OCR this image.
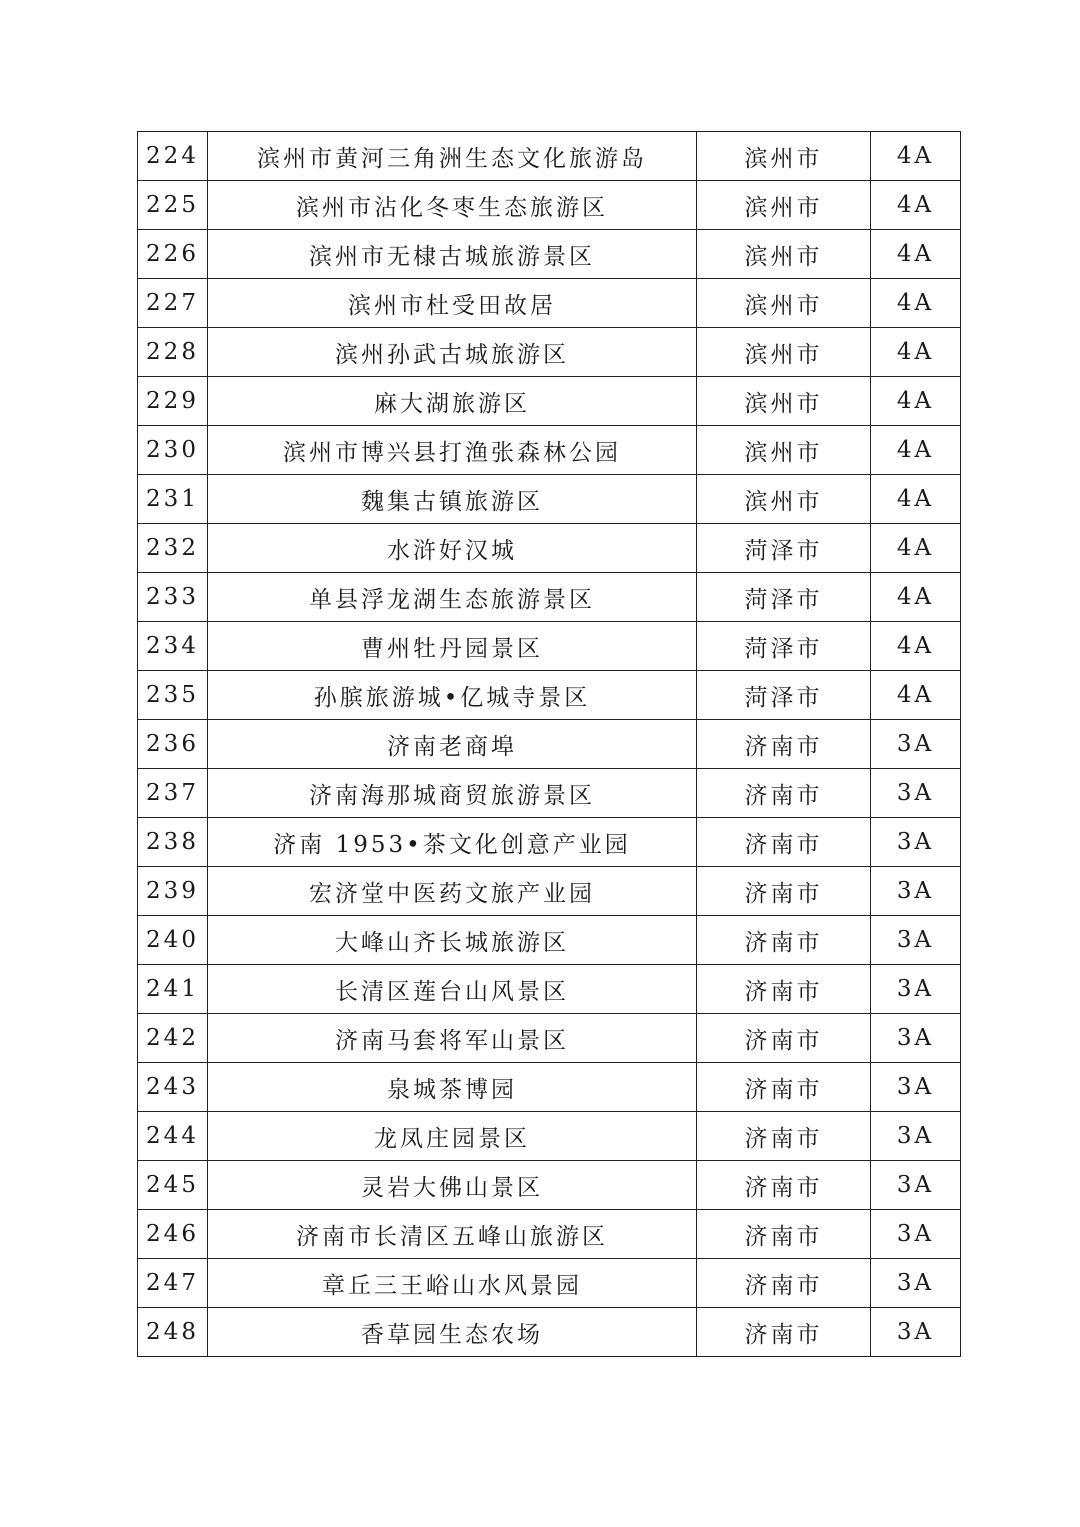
224	滨州市黄河三角洲生态文化旅游岛	滨州市	4A
225	滨州市沾化冬枣生态旅游区	滨州市	4A
226	滨州市无棣古城旅游景区	滨州市	4A
227	滨州市杜受田故居	滨州市	4A
228	滨州孙武古城旅游区	滨州市	4A
229	麻大湖旅游区	滨州市	4A
230	滨州市博兴县打渔张森林公园	滨州市	4A
231	魏集古镇旅游区	滨州市	4A
232	水浒好汉城	菏泽市	4A
233	单县浮龙湖生态旅游景区	菏泽市	4A
234	曹州牡丹园景区	菏泽市	4A
235	孙膑旅游城•亿城寺景区	菏泽市	4A
236	济南老商埠	济南市	3A
237	济南海那城商贸旅游景区	济南市	3A
238	济南 1953•茶文化创意产业园	济南市	3A
239	宏济堂中医药文旅产业园	济南市	3A
240	大峰山齐长城旅游区	济南市	3A
241	长清区莲台山风景区	济南市	3A
242	济南马套将军山景区	济南市	3A
243	泉城茶博园	济南市	3A
244	龙凤庄园景区	济南市	3A
245	灵岩大佛山景区	济南市	3A
246	济南市长清区五峰山旅游区	济南市	3A
247	章丘三王峪山水风景园	济南市	3A
248	香草园生态农场	济南市	3A
